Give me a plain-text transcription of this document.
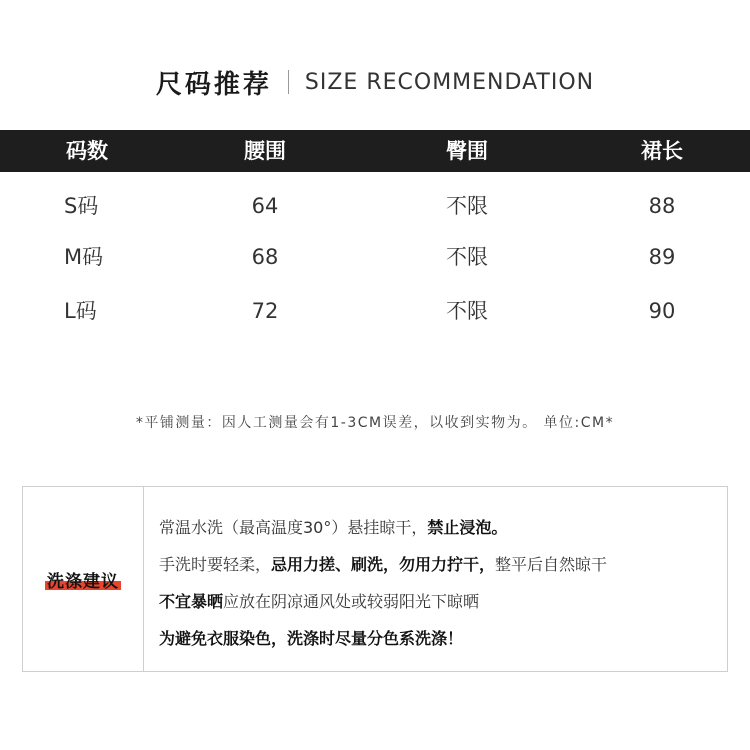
尺码推荐 SIZE RECOMMENDATION
码数	腰围	臀围	裙长
S码	64	不限	88
M码	68	不限	89
L码	72	不限	90
*平铺测量：因人工测量会有1-3CM误差，以收到实物为。 单位:CM*
洗涤建议
常温水洗（最高温度30°）悬挂晾干，禁止浸泡。
手洗时要轻柔，忌用力搓、刷洗，勿用力拧干，整平后自然晾干
不宜暴晒应放在阴凉通风处或较弱阳光下晾晒
为避免衣服染色，洗涤时尽量分色系洗涤！
